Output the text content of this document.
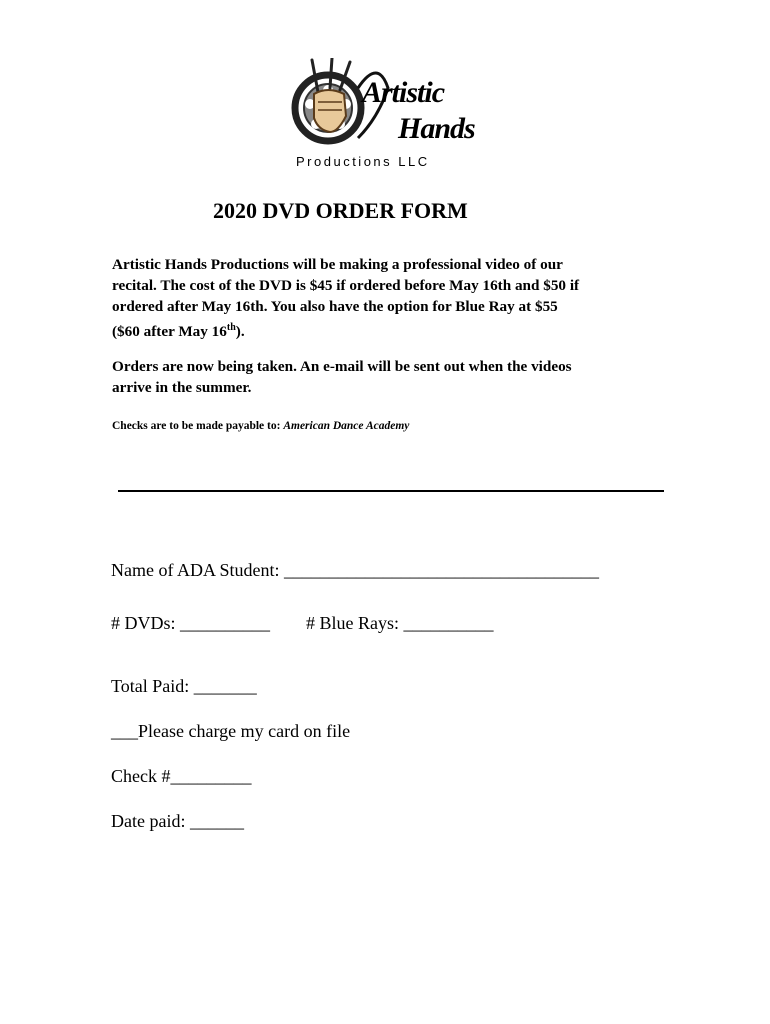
Artistic
Hands
Productions LLC
2020 DVD ORDER FORM
Artistic Hands Productions will be making a professional video of our
recital. The cost of the DVD is $45 if ordered before May 16th and $50 if
ordered after May 16th. You also have the option for Blue Ray at $55
($60 after May 16th).
Orders are now being taken. An e-mail will be sent out when the videos
arrive in the summer.
Checks are to be made payable to: American Dance Academy
Name of ADA Student: ___________________________________
# DVDs: __________ # Blue Rays: __________
Total Paid: _______
___Please charge my card on file
Check #_________
Date paid: ______
